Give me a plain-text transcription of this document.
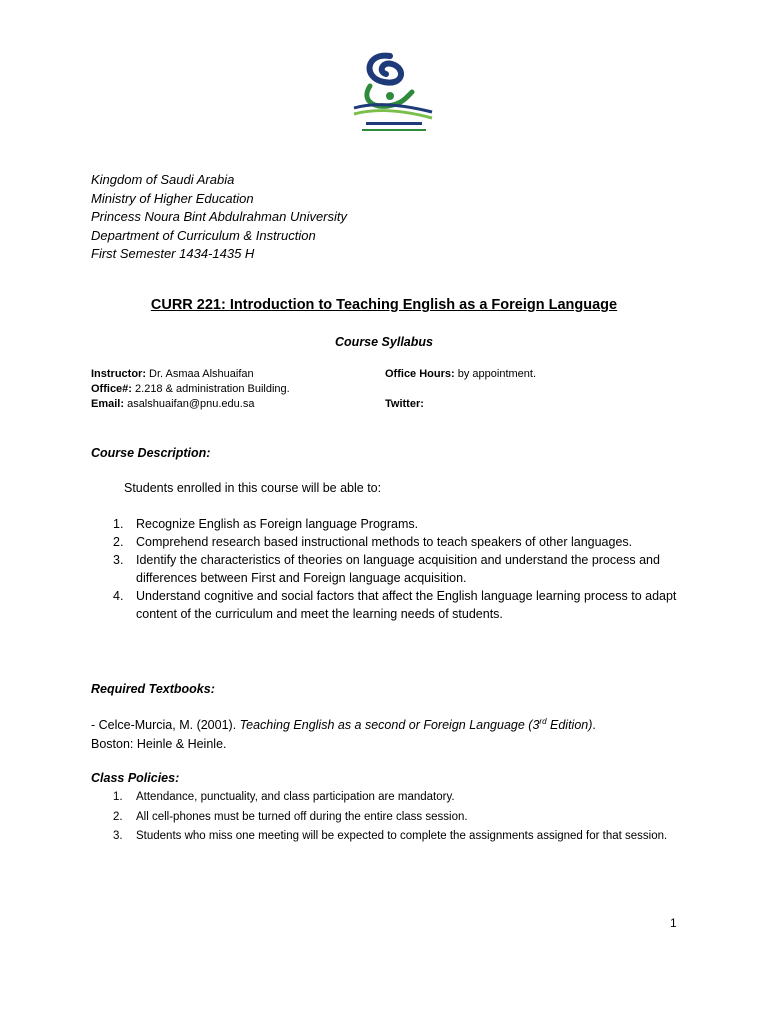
Kingdom of Saudi Arabia
Ministry of Higher Education
Princess Noura Bint Abdulrahman University
Department of Curriculum & Instruction
First Semester 1434-1435 H
CURR 221: Introduction to Teaching English as a Foreign Language
Course Syllabus
Instructor: Dr. Asmaa Alshuaifan
Office#: 2.218 & administration Building.
Email: asalshuaifan@pnu.edu.sa
Office Hours: by appointment.

Twitter:
Course Description:
Students enrolled in this course will be able to:
1. Recognize English as Foreign language Programs.
2. Comprehend research based instructional methods to teach speakers of other languages.
3. Identify the characteristics of theories on language acquisition and understand the process and differences between First and Foreign language acquisition.
4. Understand cognitive and social factors that affect the English language learning process to adapt content of the curriculum and meet the learning needs of students.
Required Textbooks:
- Celce-Murcia, M. (2001). Teaching English as a second or Foreign Language (3rd Edition).
Boston: Heinle & Heinle.
Class Policies:
1. Attendance, punctuality, and class participation are mandatory.
2. All cell-phones must be turned off during the entire class session.
3. Students who miss one meeting will be expected to complete the assignments assigned for that session.
1
